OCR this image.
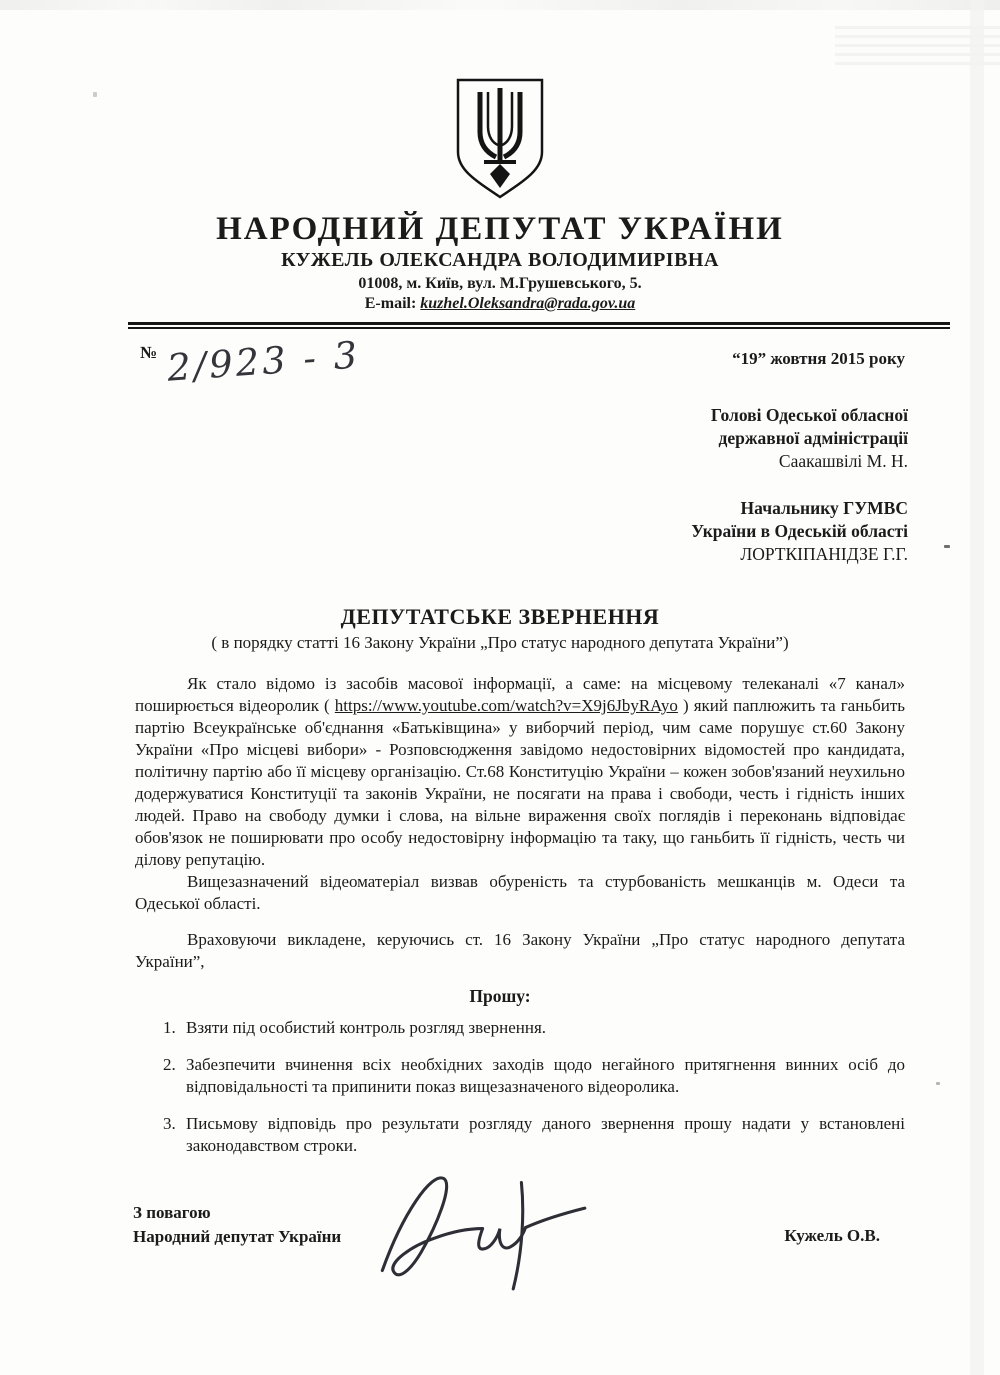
НАРОДНИЙ ДЕПУТАТ УКРАЇНИ
КУЖЕЛЬ ОЛЕКСАНДРА ВОЛОДИМИРІВНА
01008, м. Київ, вул. М.Грушевського, 5.
E-mail: kuzhel.Oleksandra@rada.gov.ua
№ 2/923 - 3	“19” жовтня 2015 року
Голові Одеської обласної
державної адміністрації
Саакашвілі М. Н.
Начальнику ГУМВС
України в Одеській області
ЛОРТКІПАНІДЗЕ Г.Г.
ДЕПУТАТСЬКЕ ЗВЕРНЕННЯ
( в порядку статті 16 Закону України „Про статус народного депутата України”)

Як стало відомо із засобів масової інформації, а саме: на місцевому телеканалі «7 канал» поширюється відеоролик ( https://www.youtube.com/watch?v=X9j6JbyRAyo ) який паплюжить та ганьбить партію Всеукраїнське об'єднання «Батьківщина» у виборчий період, чим саме порушує ст.60 Закону України «Про місцеві вибори» - Розповсюдження завідомо недостовірних відомостей про кандидата, політичну партію або її місцеву організацію. Ст.68 Конституцію України – кожен зобов'язаний неухильно додержуватися Конституції та законів України, не посягати на права і свободи, честь і гідність інших людей. Право на свободу думки і слова, на вільне вираження своїх поглядів і переконань відповідає обов'язок не поширювати про особу недостовірну інформацію та таку, що ганьбить її гідність, честь чи ділову репутацію.

Вищезазначений відеоматеріал визвав обуреність та стурбованість мешканців м. Одеси та Одеської області.

Враховуючи викладене, керуючись ст. 16 Закону України „Про статус народного депутата України”,

Прошу:
1. Взяти під особистий контроль розгляд звернення.
2. Забезпечити вчинення всіх необхідних заходів щодо негайного притягнення винних осіб до відповідальності та припинити показ вищезазначеного відеоролика.
3. Письмову відповідь про результати розгляду даного звернення прошу надати у встановлені законодавством строки.
З повагою
Народний депутат України	Кужель О.В.
